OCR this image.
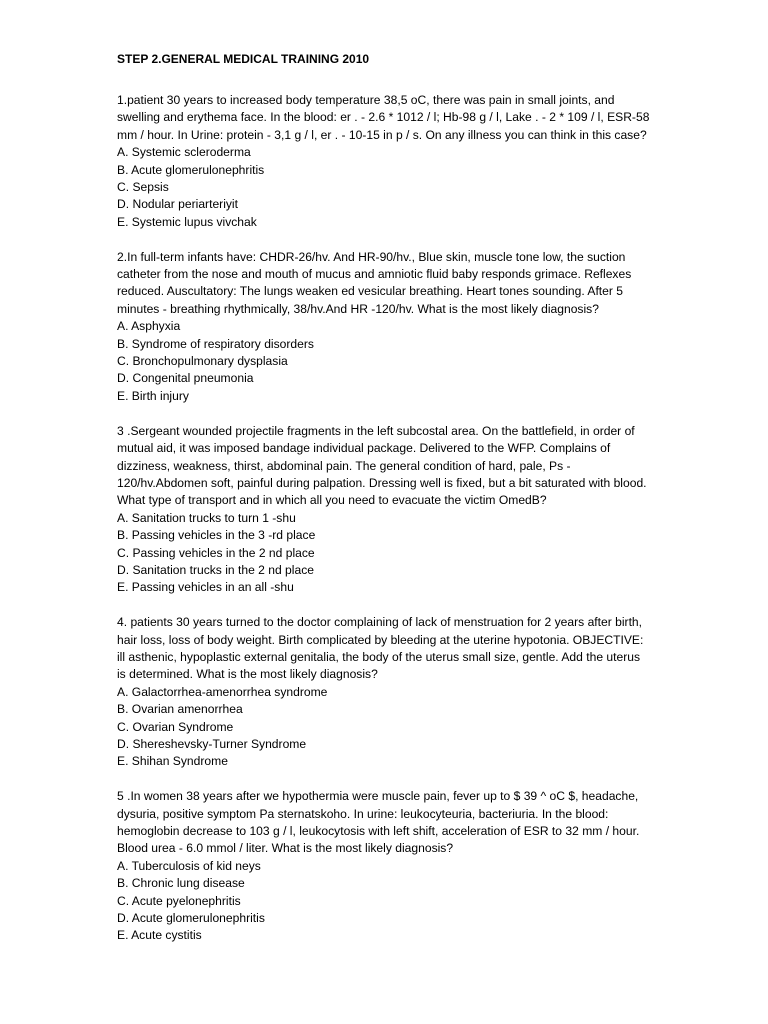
STEP 2.GENERAL MEDICAL TRAINING 2010
1.patient 30 years to increased body temperature 38,5 oC, there was pain in small joints, and
swelling and erythema face. In the blood: er . - 2.6 * 1012 / l; Hb-98 g / l, Lake . - 2 * 109 / l, ESR-58
mm / hour. In Urine: protein - 3,1 g / l, er . - 10-15 in p / s. On any illness you can think in this case?
A. Systemic scleroderma
B. Acute glomerulonephritis
C. Sepsis
D. Nodular periarteriyit
E. Systemic lupus vivchak
2.In full-term infants have: CHDR-26/hv. And HR-90/hv., Blue skin, muscle tone low, the suction
catheter from the nose and mouth of mucus and amniotic fluid baby responds grimace. Reflexes
reduced. Auscultatory: The lungs weaken ed vesicular breathing. Heart tones sounding. After 5
minutes - breathing rhythmically, 38/hv.And HR -120/hv. What is the most likely diagnosis?
A. Asphyxia
B. Syndrome of respiratory disorders
C. Bronchopulmonary dysplasia
D. Congenital pneumonia
E. Birth injury
3 .Sergeant wounded projectile fragments in the left subcostal area. On the battlefield, in order of
mutual aid, it was imposed bandage individual package. Delivered to the WFP. Complains of
dizziness, weakness, thirst, abdominal pain. The general condition of hard, pale, Ps -
120/hv.Abdomen soft, painful during palpation. Dressing well is fixed, but a bit saturated with blood.
What type of transport and in which all you need to evacuate the victim OmedB?
A. Sanitation trucks to turn 1 -shu
B. Passing vehicles in the 3 -rd place
C. Passing vehicles in the 2 nd place
D. Sanitation trucks in the 2 nd place
E. Passing vehicles in an all -shu
4. patients 30 years turned to the doctor complaining of lack of menstruation for 2 years after birth,
hair loss, loss of body weight. Birth complicated by bleeding at the uterine hypotonia. OBJECTIVE:
ill asthenic, hypoplastic external genitalia, the body of the uterus small size, gentle. Add the uterus
is determined. What is the most likely diagnosis?
A. Galactorrhea-amenorrhea syndrome
B. Ovarian amenorrhea
C. Ovarian Syndrome
D. Shereshevsky-Turner Syndrome
E. Shihan Syndrome
5 .In women 38 years after we hypothermia were muscle pain, fever up to $ 39 ^ oC $, headache,
dysuria, positive symptom Pa sternatskoho. In urine: leukocyteuria, bacteriuria. In the blood:
hemoglobin decrease to 103 g / l, leukocytosis with left shift, acceleration of ESR to 32 mm / hour.
Blood urea - 6.0 mmol / liter. What is the most likely diagnosis?
A. Tuberculosis of kid neys
B. Chronic lung disease
C. Acute pyelonephritis
D. Acute glomerulonephritis
E. Acute cystitis
